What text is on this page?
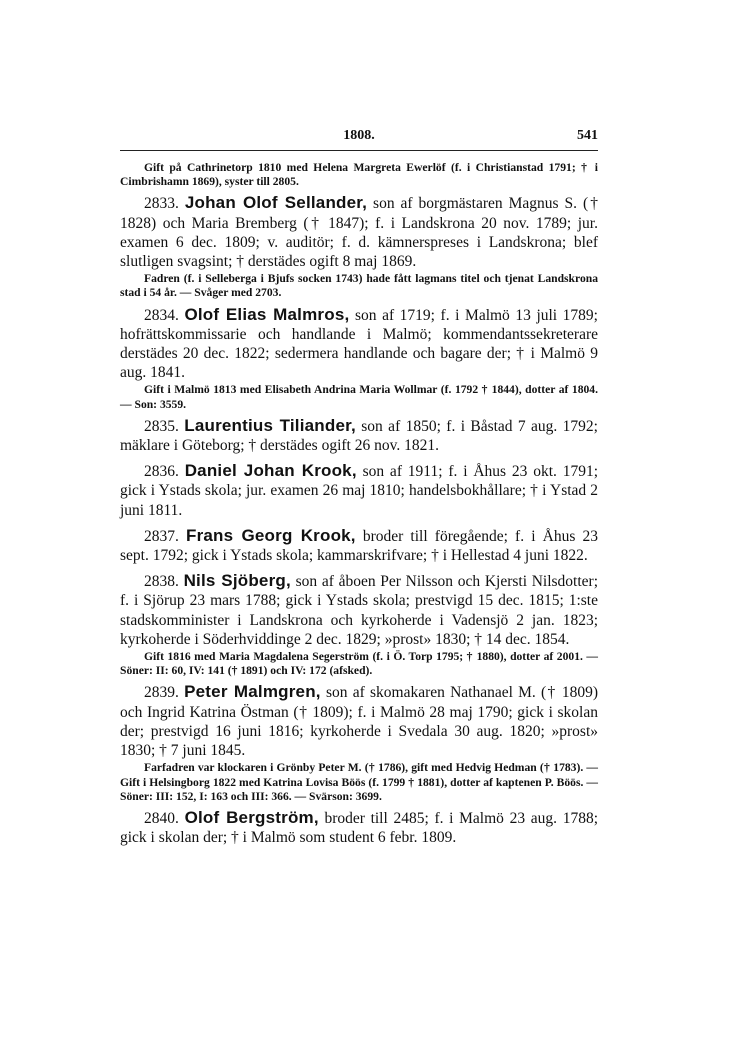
1808.	541

Gift på Cathrinetorp 1810 med Helena Margreta Ewerlöf (f. i Christianstad 1791; † i Cimbrishamn 1869), syster till 2805.

2833. Johan Olof Sellander, son af borgmästaren Magnus S. († 1828) och Maria Bremberg († 1847); f. i Landskrona 20 nov. 1789; jur. examen 6 dec. 1809; v. auditör; f. d. kämnerspreses i Landskrona; blef slutligen svagsint; † derstädes ogift 8 maj 1869.

Fadren (f. i Selleberga i Bjufs socken 1743) hade fått lagmans titel och tjenat Landskrona stad i 54 år. — Svåger med 2703.

2834. Olof Elias Malmros, son af 1719; f. i Malmö 13 juli 1789; hofrättskommissarie och handlande i Malmö; kommendantssekreterare derstädes 20 dec. 1822; sedermera handlande och bagare der; † i Malmö 9 aug. 1841.

Gift i Malmö 1813 med Elisabeth Andrina Maria Wollmar (f. 1792 † 1844), dotter af 1804. — Son: 3559.

2835. Laurentius Tiliander, son af 1850; f. i Båstad 7 aug. 1792; mäklare i Göteborg; † derstädes ogift 26 nov. 1821.

2836. Daniel Johan Krook, son af 1911; f. i Åhus 23 okt. 1791; gick i Ystads skola; jur. examen 26 maj 1810; handelsbokhållare; † i Ystad 2 juni 1811.

2837. Frans Georg Krook, broder till föregående; f. i Åhus 23 sept. 1792; gick i Ystads skola; kammarskrifvare; † i Hellestad 4 juni 1822.

2838. Nils Sjöberg, son af åboen Per Nilsson och Kjersti Nilsdotter; f. i Sjörup 23 mars 1788; gick i Ystads skola; prestvigd 15 dec. 1815; 1:ste stadskomminister i Landskrona och kyrkoherde i Vadensjö 2 jan. 1823; kyrkoherde i Söderhviddinge 2 dec. 1829; »prost» 1830; † 14 dec. 1854.

Gift 1816 med Maria Magdalena Segerström (f. i Ö. Torp 1795; † 1880), dotter af 2001. — Söner: II: 60, IV: 141 († 1891) och IV: 172 (afsked).

2839. Peter Malmgren, son af skomakaren Nathanael M. († 1809) och Ingrid Katrina Östman († 1809); f. i Malmö 28 maj 1790; gick i skolan der; prestvigd 16 juni 1816; kyrkoherde i Svedala 30 aug. 1820; »prost» 1830; † 7 juni 1845.

Farfadren var klockaren i Grönby Peter M. († 1786), gift med Hedvig Hedman († 1783). — Gift i Helsingborg 1822 med Katrina Lovisa Böös (f. 1799 † 1881), dotter af kaptenen P. Böös. — Söner: III: 152, I: 163 och III: 366. — Svärson: 3699.

2840. Olof Bergström, broder till 2485; f. i Malmö 23 aug. 1788; gick i skolan der; † i Malmö som student 6 febr. 1809.
